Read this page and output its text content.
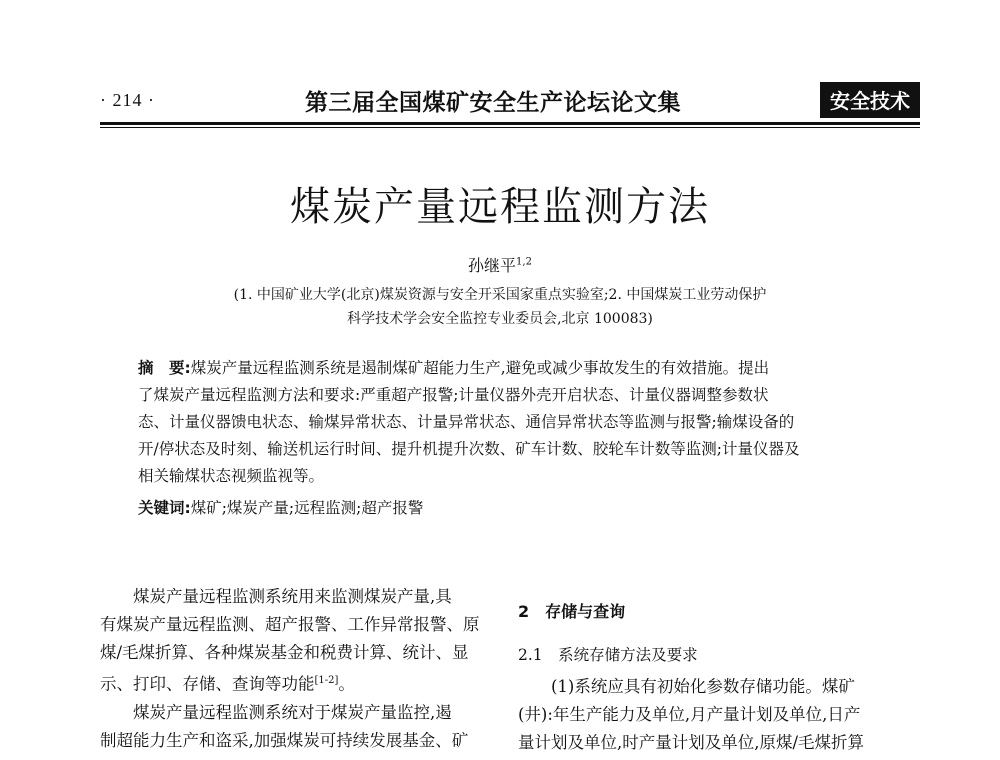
· 214 ·	第三届全国煤矿安全生产论坛论文集	安全技术
煤炭产量远程监测方法
孙继平$^{1,2}$
(1. 中国矿业大学(北京)煤炭资源与安全开采国家重点实验室;2. 中国煤炭工业劳动保护
科学技术学会安全监控专业委员会,北京 100083)
摘　要:煤炭产量远程监测系统是遏制煤矿超能力生产,避免或减少事故发生的有效措施。提出
了煤炭产量远程监测方法和要求:严重超产报警;计量仪器外壳开启状态、计量仪器调整参数状
态、计量仪器馈电状态、输煤异常状态、计量异常状态、通信异常状态等监测与报警;输煤设备的
开/停状态及时刻、输送机运行时间、提升机提升次数、矿车计数、胶轮车计数等监测;计量仪器及
相关输煤状态视频监视等。
关键词:煤矿;煤炭产量;远程监测;超产报警

煤炭产量远程监测系统用来监测煤炭产量,具
有煤炭产量远程监测、超产报警、工作异常报警、原
煤/毛煤折算、各种煤炭基金和税费计算、统计、显
示、打印、存储、查询等功能[1-2]。

煤炭产量远程监测系统对于煤炭产量监控,遏
制超能力生产和盗采,加强煤炭可持续发展基金、矿

2　存储与查询
2.1　系统存储方法及要求
(1)系统应具有初始化参数存储功能。煤矿
(井):年生产能力及单位,月产量计划及单位,日产
量计划及单位,时产量计划及单位,原煤/毛煤折算
